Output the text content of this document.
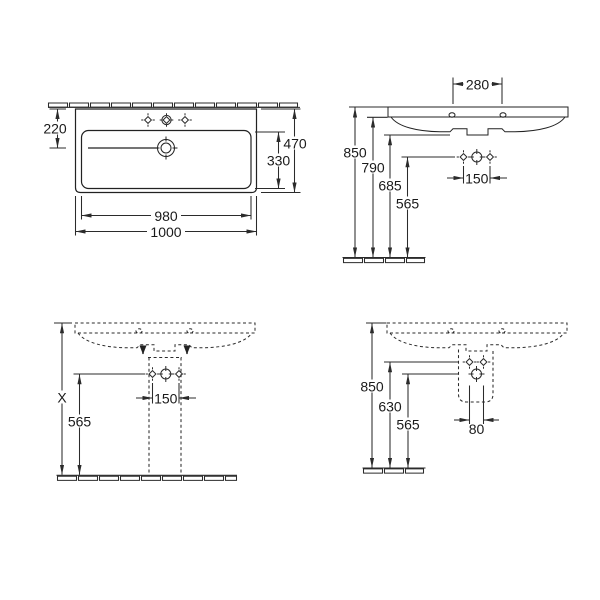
220
470
330
980
1000
280
150
850
790
685
565
150
X
565	80
850
630
565
